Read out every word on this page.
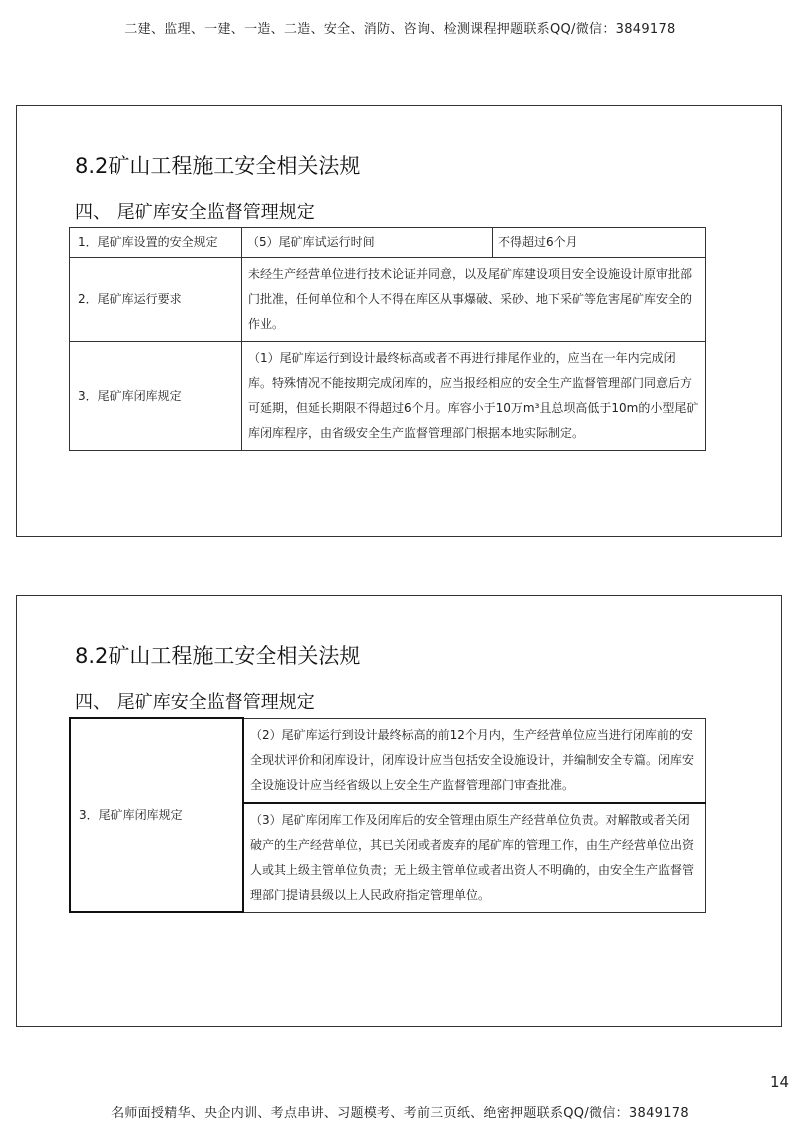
二建、监理、一建、一造、二造、安全、消防、咨询、检测课程押题联系QQ/微信：3849178
8.2矿山工程施工安全相关法规
四、 尾矿库安全监督管理规定
1．尾矿库设置的安全规定	（5）尾矿库试运行时间	不得超过6个月
2．尾矿库运行要求	未经生产经营单位进行技术论证并同意，以及尾矿库建设项目安全设施设计原审批部门批准，任何单位和个人不得在库区从事爆破、采砂、地下采矿等危害尾矿库安全的作业。	
3．尾矿库闭库规定	（1）尾矿库运行到设计最终标高或者不再进行排尾作业的，应当在一年内完成闭库。特殊情况不能按期完成闭库的，应当报经相应的安全生产监督管理部门同意后方可延期，但延长期限不得超过6个月。库容小于10万m³且总坝高低于10m的小型尾矿库闭库程序，由省级安全生产监督管理部门根据本地实际制定。	
8.2矿山工程施工安全相关法规
四、 尾矿库安全监督管理规定
3．尾矿库闭库规定	（2）尾矿库运行到设计最终标高的前12个月内，生产经营单位应当进行闭库前的安全现状评价和闭库设计，闭库设计应当包括安全设施设计，并编制安全专篇。闭库安全设施设计应当经省级以上安全生产监督管理部门审查批准。
（3）尾矿库闭库工作及闭库后的安全管理由原生产经营单位负责。对解散或者关闭破产的生产经营单位，其已关闭或者废弃的尾矿库的管理工作，由生产经营单位出资人或其上级主管单位负责；无上级主管单位或者出资人不明确的，由安全生产监督管理部门提请县级以上人民政府指定管理单位。
14
名师面授精华、央企内训、考点串讲、习题模考、考前三页纸、绝密押题联系QQ/微信：3849178
